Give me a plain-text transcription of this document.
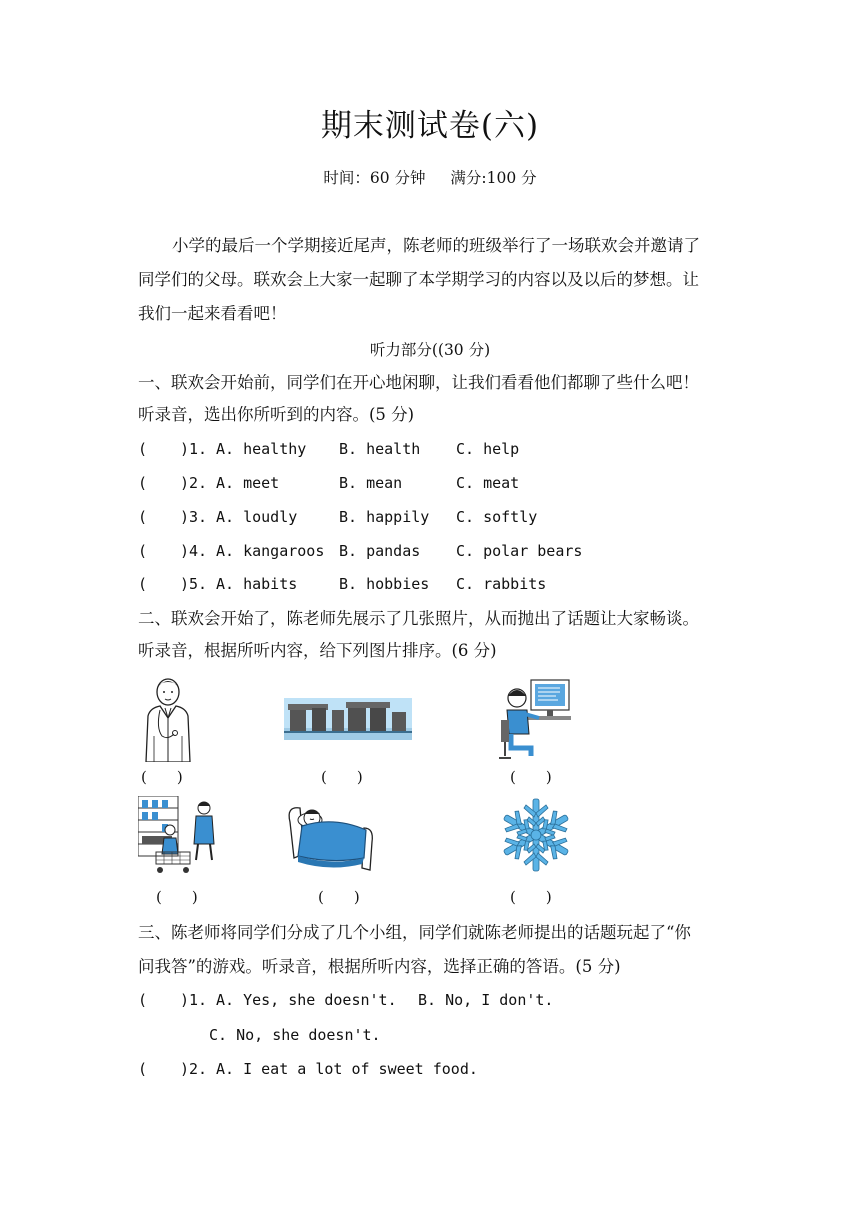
期末测试卷(六)
时间：60 分钟 满分:100 分
小学的最后一个学期接近尾声，陈老师的班级举行了一场联欢会并邀请了
同学们的父母。联欢会上大家一起聊了本学期学习的内容以及以后的梦想。让
我们一起来看看吧！
听力部分((30 分)
一、联欢会开始前，同学们在开心地闲聊，让我们看看他们都聊了些什么吧！
听录音，选出你所听到的内容。(5 分)
( )1. A. healthy B. health C. help
( )2. A. meet	B. mean	C. meat
( )3. A. loudly	B. happily C. softly
( )4. A. kangaroos B. pandas C. polar bears
( )5. A. habits	B. hobbies C. rabbits
二、联欢会开始了，陈老师先展示了几张照片，从而抛出了话题让大家畅谈。
听录音，根据所听内容，给下列图片排序。(6 分)
(　　)	(　　)	(　　)
(　　)	(　　)	(　　)
三、陈老师将同学们分成了几个小组，同学们就陈老师提出的话题玩起了“你
问我答”的游戏。听录音，根据所听内容，选择正确的答语。(5 分)
( )1. A. Yes, she doesn't. B. No, I don't.
C. No, she doesn't.
( )2. A. I eat a lot of sweet food.
